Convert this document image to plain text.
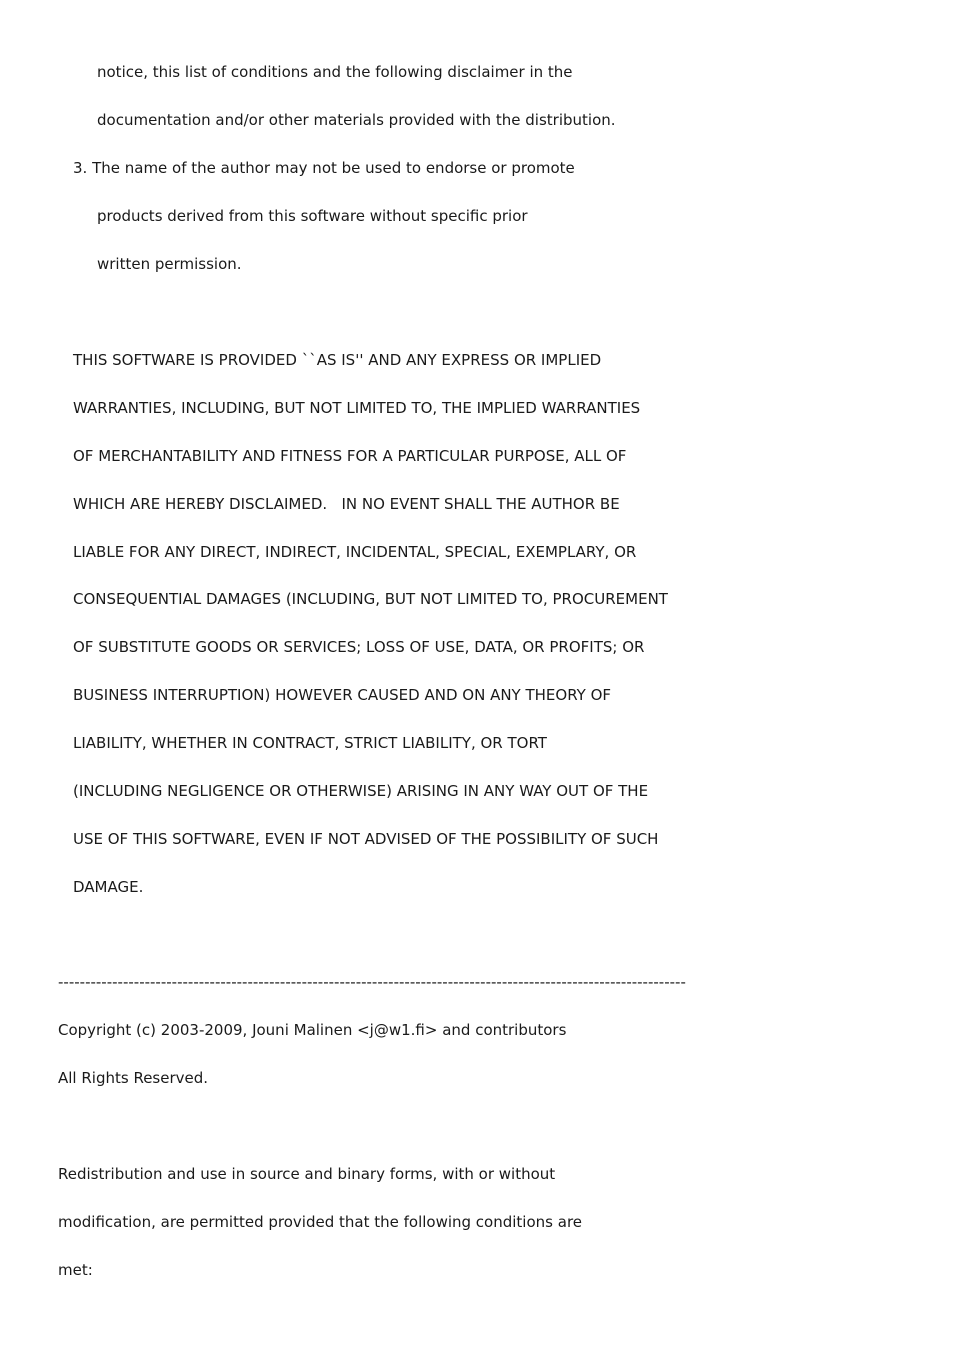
notice, this list of conditions and the following disclaimer in the
documentation and/or other materials provided with the distribution.
3. The name of the author may not be used to endorse or promote
products derived from this software without specific prior
written permission.
THIS SOFTWARE IS PROVIDED ``AS IS'' AND ANY EXPRESS OR IMPLIED
WARRANTIES, INCLUDING, BUT NOT LIMITED TO, THE IMPLIED WARRANTIES
OF MERCHANTABILITY AND FITNESS FOR A PARTICULAR PURPOSE, ALL OF
WHICH ARE HEREBY DISCLAIMED.   IN NO EVENT SHALL THE AUTHOR BE
LIABLE FOR ANY DIRECT, INDIRECT, INCIDENTAL, SPECIAL, EXEMPLARY, OR
CONSEQUENTIAL DAMAGES (INCLUDING, BUT NOT LIMITED TO, PROCUREMENT
OF SUBSTITUTE GOODS OR SERVICES; LOSS OF USE, DATA, OR PROFITS; OR
BUSINESS INTERRUPTION) HOWEVER CAUSED AND ON ANY THEORY OF
LIABILITY, WHETHER IN CONTRACT, STRICT LIABILITY, OR TORT
(INCLUDING NEGLIGENCE OR OTHERWISE) ARISING IN ANY WAY OUT OF THE
USE OF THIS SOFTWARE, EVEN IF NOT ADVISED OF THE POSSIBILITY OF SUCH
DAMAGE.
--------------------------------------------------------------------------------------------------------------------
Copyright (c) 2003-2009, Jouni Malinen <j@w1.fi> and contributors
All Rights Reserved.
Redistribution and use in source and binary forms, with or without
modification, are permitted provided that the following conditions are
met:
